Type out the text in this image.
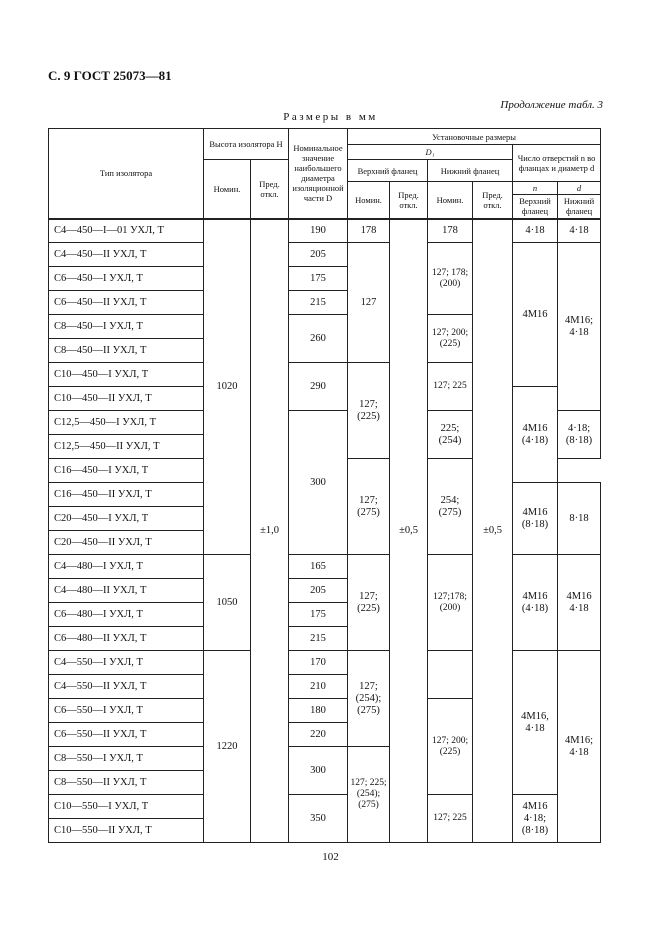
С. 9 ГОСТ 25073—81
Продолжение табл. 3
Размеры в мм
Тип изолятора	Высота изолятора H		Номинальное значение наибольшего диаметра изоляционной части D	Установочные размеры					
				D₁				Число отверстий n во фланцах и диаметр d	
	Номин.	Пред. откл.		Верхний фланец		Нижний фланец			
				Номин.	Пред. откл.	Номин.	Пред. откл.	n	d
								Верхний фланец	Нижний фланец
С4—450—I—01 УХЛ, Т	1020	±1,0	190	178	±0,5	178	±0,5	4·18	4·18
С4—450—II УХЛ, Т			205	127		127; 178; (200)		4М16	4М16; 4·18
С6—450—I УХЛ, Т			175						
С6—450—II УХЛ, Т			215						
С8—450—I УХЛ, Т			260			127; 200; (225)			
С8—450—II УХЛ, Т									
С10—450—I УХЛ, Т			290	127; (225)		127; 225			
С10—450—II УХЛ, Т								4М16 (4·18)	
С12,5—450—I УХЛ, Т			300			225; (254)			4·18; (8·18)
С12,5—450—II УХЛ, Т									
С16—450—I УХЛ, Т				127; (275)		254; (275)			
С16—450—II УХЛ, Т								4М16 (8·18)	8·18
С20—450—I УХЛ, Т									
С20—450—II УХЛ, Т									
С4—480—I УХЛ, Т	1050		165	127; (225)		127;178; (200)		4М16 (4·18)	4М16 4·18
С4—480—II УХЛ, Т			205						
С6—480—I УХЛ, Т			175						
С6—480—II УХЛ, Т			215						
С4—550—I УХЛ, Т	1220		170	127; (254); (275)				4М16, 4·18	4М16; 4·18
С4—550—II УХЛ, Т			210						
С6—550—I УХЛ, Т			180			127; 200; (225)			
С6—550—II УХЛ, Т			220						
С8—550—I УХЛ, Т			300	127; 225; (254); (275)					
С8—550—II УХЛ, Т									
С10—550—I УХЛ, Т			350			127; 225		4М16 4·18; (8·18)	
С10—550—II УХЛ, Т									
102
